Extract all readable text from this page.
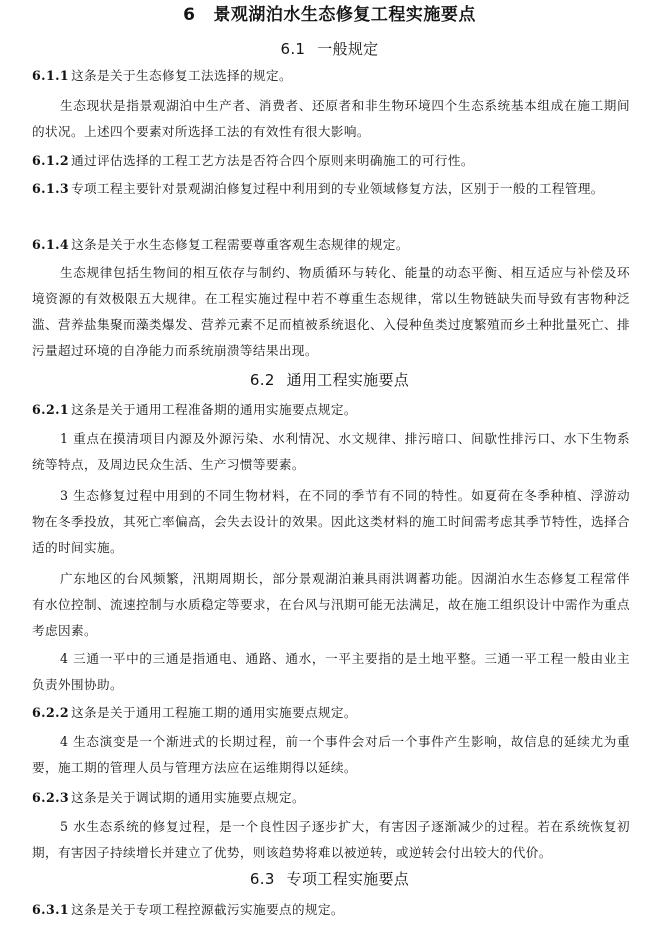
6 景观湖泊水生态修复工程实施要点
6.1 一般规定
6.1.1 这条是关于生态修复工法选择的规定。
生态现状是指景观湖泊中生产者、消费者、还原者和非生物环境四个生态系统基本组成在施工期间的状况。上述四个要素对所选择工法的有效性有很大影响。
6.1.2 通过评估选择的工程工艺方法是否符合四个原则来明确施工的可行性。
6.1.3 专项工程主要针对景观湖泊修复过程中利用到的专业领域修复方法，区别于一般的工程管理。
6.1.4 这条是关于水生态修复工程需要尊重客观生态规律的规定。
生态规律包括生物间的相互依存与制约、物质循环与转化、能量的动态平衡、相互适应与补偿及环境资源的有效极限五大规律。在工程实施过程中若不尊重生态规律，常以生物链缺失而导致有害物种泛滥、营养盐集聚而藻类爆发、营养元素不足而植被系统退化、入侵种鱼类过度繁殖而乡土种批量死亡、排污量超过环境的自净能力而系统崩溃等结果出现。
6.2 通用工程实施要点
6.2.1 这条是关于通用工程准备期的通用实施要点规定。
1 重点在摸清项目内源及外源污染、水利情况、水文规律、排污暗口、间歇性排污口、水下生物系统等特点，及周边民众生活、生产习惯等要素。
3 生态修复过程中用到的不同生物材料，在不同的季节有不同的特性。如夏荷在冬季种植、浮游动物在冬季投放，其死亡率偏高，会失去设计的效果。因此这类材料的施工时间需考虑其季节特性，选择合适的时间实施。
广东地区的台风频繁，汛期周期长，部分景观湖泊兼具雨洪调蓄功能。因湖泊水生态修复工程常伴有水位控制、流速控制与水质稳定等要求，在台风与汛期可能无法满足，故在施工组织设计中需作为重点考虑因素。
4 三通一平中的三通是指通电、通路、通水，一平主要指的是土地平整。三通一平工程一般由业主负责外围协助。
6.2.2 这条是关于通用工程施工期的通用实施要点规定。
4 生态演变是一个渐进式的长期过程，前一个事件会对后一个事件产生影响，故信息的延续尤为重要，施工期的管理人员与管理方法应在运维期得以延续。
6.2.3 这条是关于调试期的通用实施要点规定。
5 水生态系统的修复过程，是一个良性因子逐步扩大，有害因子逐渐减少的过程。若在系统恢复初期，有害因子持续增长并建立了优势，则该趋势将难以被逆转，或逆转会付出较大的代价。
6.3 专项工程实施要点
6.3.1 这条是关于专项工程控源截污实施要点的规定。
